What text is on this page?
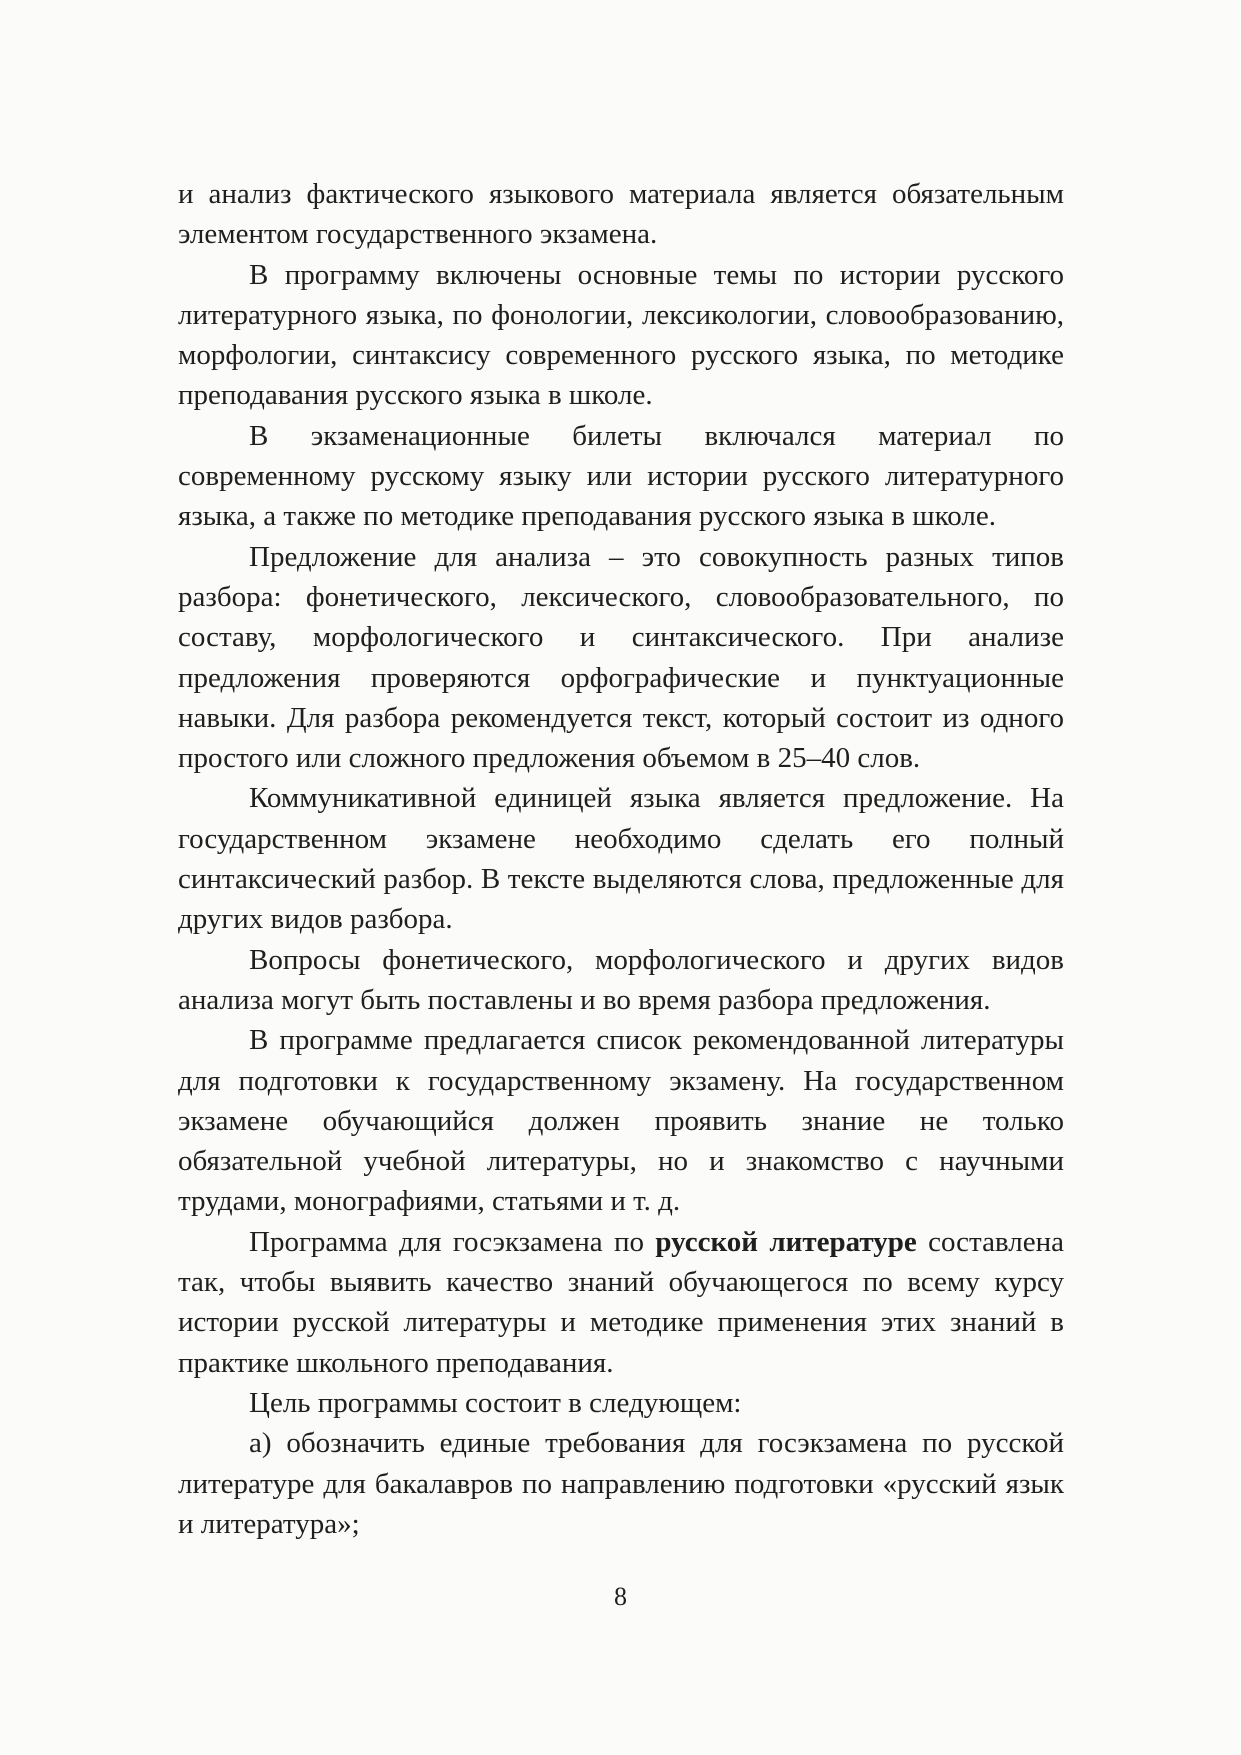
и анализ фактического языкового материала является обязательным элементом государственного экзамена.

В программу включены основные темы по истории русского литературного языка, по фонологии, лексикологии, словообразованию, морфологии, синтаксису современного русского языка, по методике преподавания русского языка в школе.

В экзаменационные билеты включался материал по современному русскому языку или истории русского литературного языка, а также по методике преподавания русского языка в школе.

Предложение для анализа – это совокупность разных типов разбора: фонетического, лексического, словообразовательного, по составу, морфологического и синтаксического. При анализе предложения проверяются орфографические и пунктуационные навыки. Для разбора рекомендуется текст, который состоит из одного простого или сложного предложения объемом в 25–40 слов.

Коммуникативной единицей языка является предложение. На государственном экзамене необходимо сделать его полный синтаксический разбор. В тексте выделяются слова, предложенные для других видов разбора.

Вопросы фонетического, морфологического и других видов анализа могут быть поставлены и во время разбора предложения.

В программе предлагается список рекомендованной литературы для подготовки к государственному экзамену. На государственном экзамене обучающийся должен проявить знание не только обязательной учебной литературы, но и знакомство с научными трудами, монографиями, статьями и т. д.

Программа для госэкзамена по русской литературе составлена так, чтобы выявить качество знаний обучающегося по всему курсу истории русской литературы и методике применения этих знаний в практике школьного преподавания.

Цель программы состоит в следующем:

а) обозначить единые требования для госэкзамена по русской литературе для бакалавров по направлению подготовки «русский язык и литература»;

8
